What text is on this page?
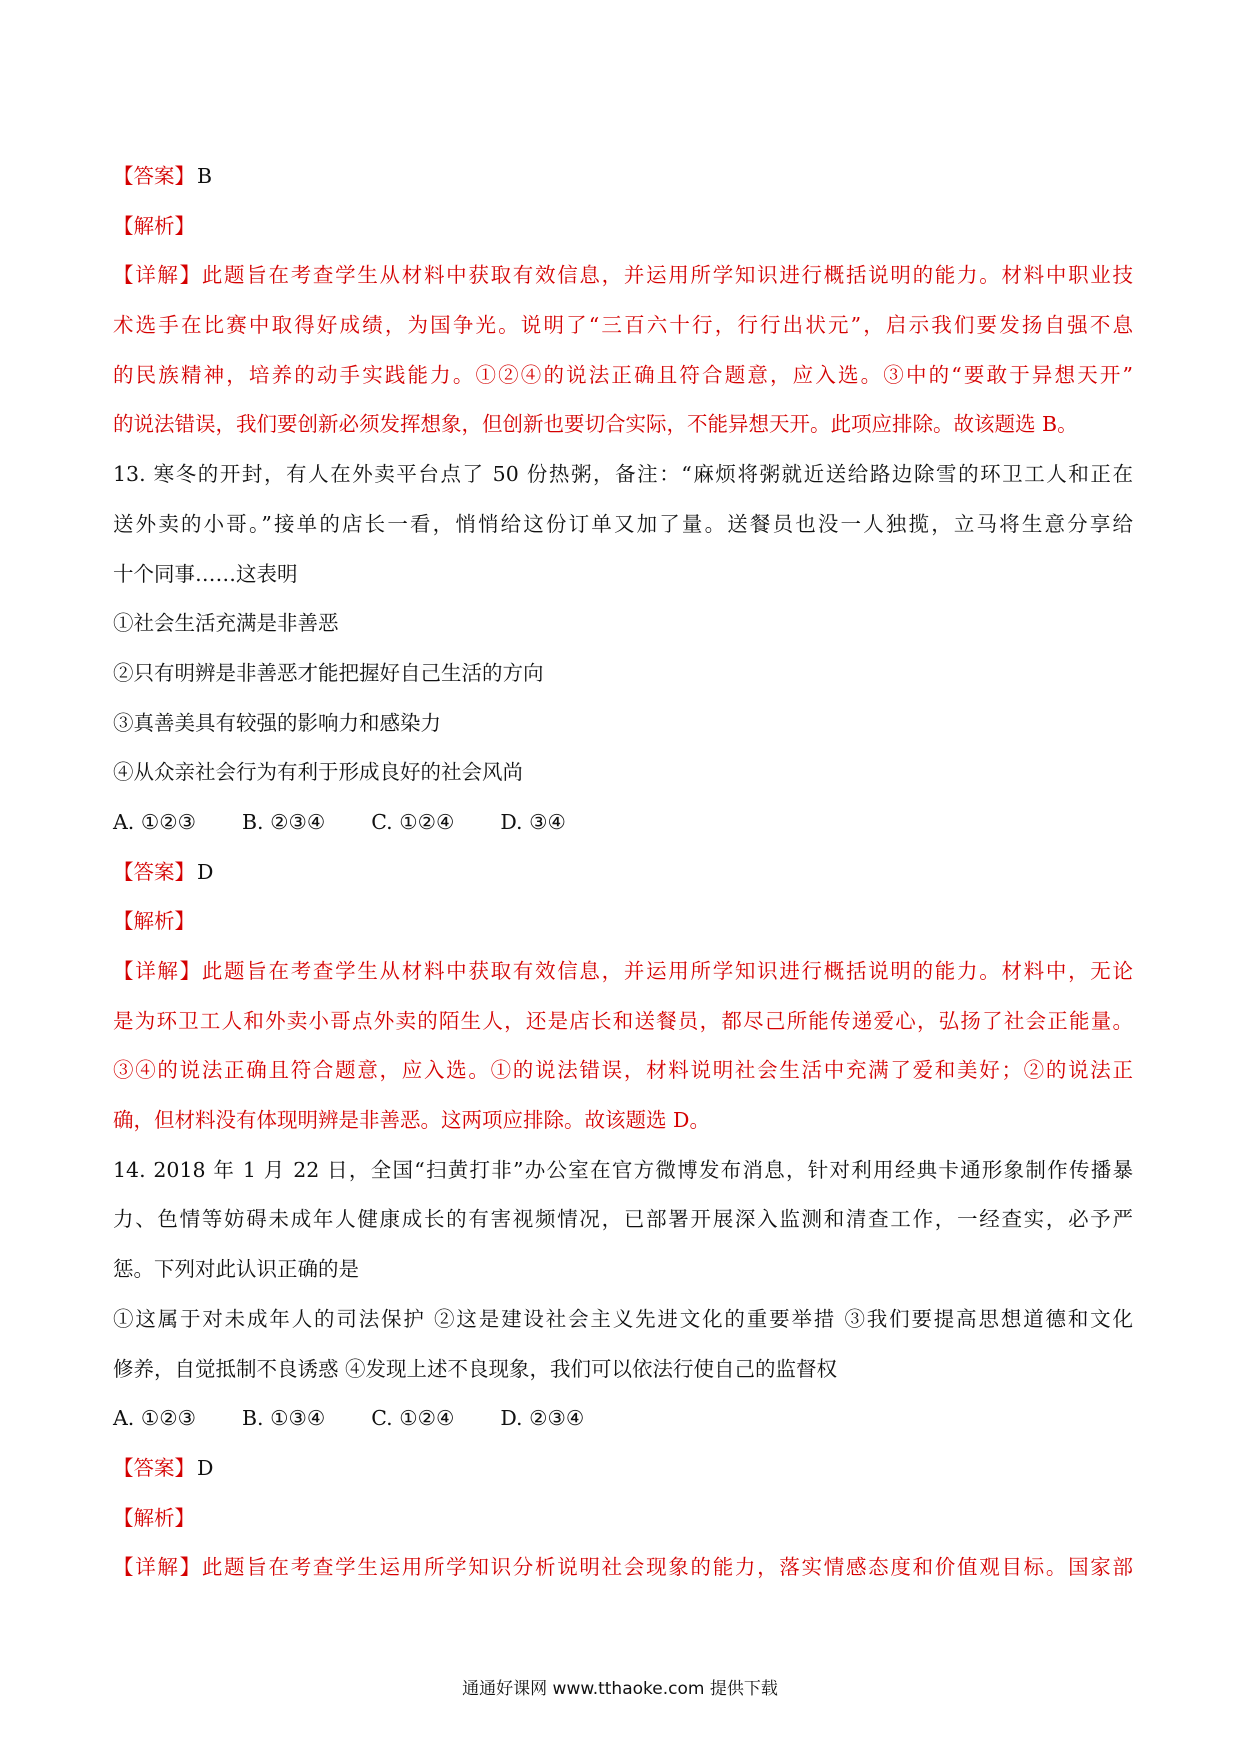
【答案】B
【解析】
【详解】此题旨在考查学生从材料中获取有效信息，并运用所学知识进行概括说明的能力。材料中职业技
术选手在比赛中取得好成绩，为国争光。说明了“三百六十行，行行出状元”，启示我们要发扬自强不息
的民族精神，培养的动手实践能力。①②④的说法正确且符合题意，应入选。③中的“要敢于异想天开”
的说法错误，我们要创新必须发挥想象，但创新也要切合实际，不能异想天开。此项应排除。故该题选 B。
13. 寒冬的开封，有人在外卖平台点了 50 份热粥，备注：“麻烦将粥就近送给路边除雪的环卫工人和正在
送外卖的小哥。”接单的店长一看，悄悄给这份订单又加了量。送餐员也没一人独揽，立马将生意分享给
十个同事……这表明
①社会生活充满是非善恶
②只有明辨是非善恶才能把握好自己生活的方向
③真善美具有较强的影响力和感染力
④从众亲社会行为有利于形成良好的社会风尚
A. ①②③ B. ②③④ C. ①②④ D. ③④
【答案】D
【解析】
【详解】此题旨在考查学生从材料中获取有效信息，并运用所学知识进行概括说明的能力。材料中，无论
是为环卫工人和外卖小哥点外卖的陌生人，还是店长和送餐员，都尽己所能传递爱心，弘扬了社会正能量。
③④的说法正确且符合题意，应入选。①的说法错误，材料说明社会生活中充满了爱和美好；②的说法正
确，但材料没有体现明辨是非善恶。这两项应排除。故该题选 D。
14. 2018 年 1 月 22 日，全国“扫黄打非”办公室在官方微博发布消息，针对利用经典卡通形象制作传播暴
力、色情等妨碍未成年人健康成长的有害视频情况，已部署开展深入监测和清查工作，一经查实，必予严
惩。下列对此认识正确的是
①这属于对未成年人的司法保护 ②这是建设社会主义先进文化的重要举措 ③我们要提高思想道德和文化
修养，自觉抵制不良诱惑 ④发现上述不良现象，我们可以依法行使自己的监督权
A. ①②③ B. ①③④ C. ①②④ D. ②③④
【答案】D
【解析】
【详解】此题旨在考查学生运用所学知识分析说明社会现象的能力，落实情感态度和价值观目标。国家部
通通好课网 www.tthaoke.com 提供下载
